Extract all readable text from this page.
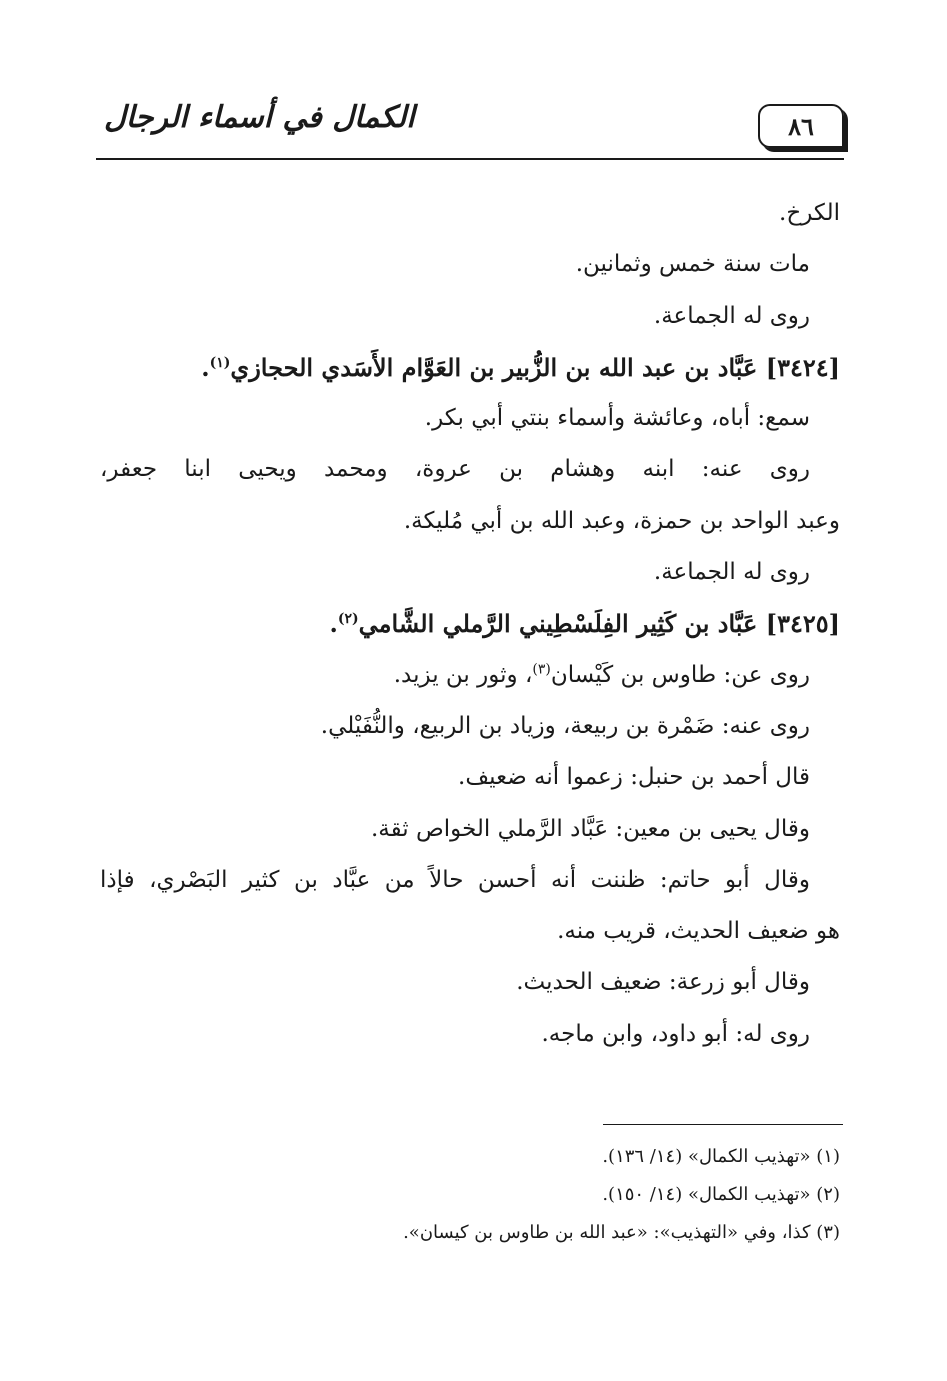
٨٦
الكمال في أسماء الرجال
الكرخ.
مات سنة خمس وثمانين.
روى له الجماعة.
[٣٤٢٤] عَبَّاد بن عبد الله بن الزُّبير بن العَوَّام الأَسَدي الحجازي$^{(١)}$.
سمع: أباه، وعائشة وأسماء بنتي أبي بكر.
روى عنه: ابنه وهشام بن عروة، ومحمد ويحيى ابنا جعفر،
وعبد الواحد بن حمزة، وعبد الله بن أبي مُليكة.
روى له الجماعة.
[٣٤٢٥] عَبَّاد بن كَثِير الفِلَسْطِيني الرَّملي الشَّامي$^{(٢)}$.
روى عن: طاوس بن كَيْسان$^{(٣)}$، وثور بن يزيد.
روى عنه: ضَمْرة بن ربيعة، وزياد بن الربيع، والنُّفَيْلي.
قال أحمد بن حنبل: زعموا أنه ضعيف.
وقال يحيى بن معين: عَبَّاد الرَّملي الخواص ثقة.
وقال أبو حاتم: ظننت أنه أحسن حالاً من عبَّاد بن كثير البَصْري، فإذا
هو ضعيف الحديث، قريب منه.
وقال أبو زرعة: ضعيف الحديث.
روى له: أبو داود، وابن ماجه.
(١) «تهذيب الكمال» (١٤/ ١٣٦).
(٢) «تهذيب الكمال» (١٤/ ١٥٠).
(٣) كذا، وفي «التهذيب»: «عبد الله بن طاوس بن كيسان».
